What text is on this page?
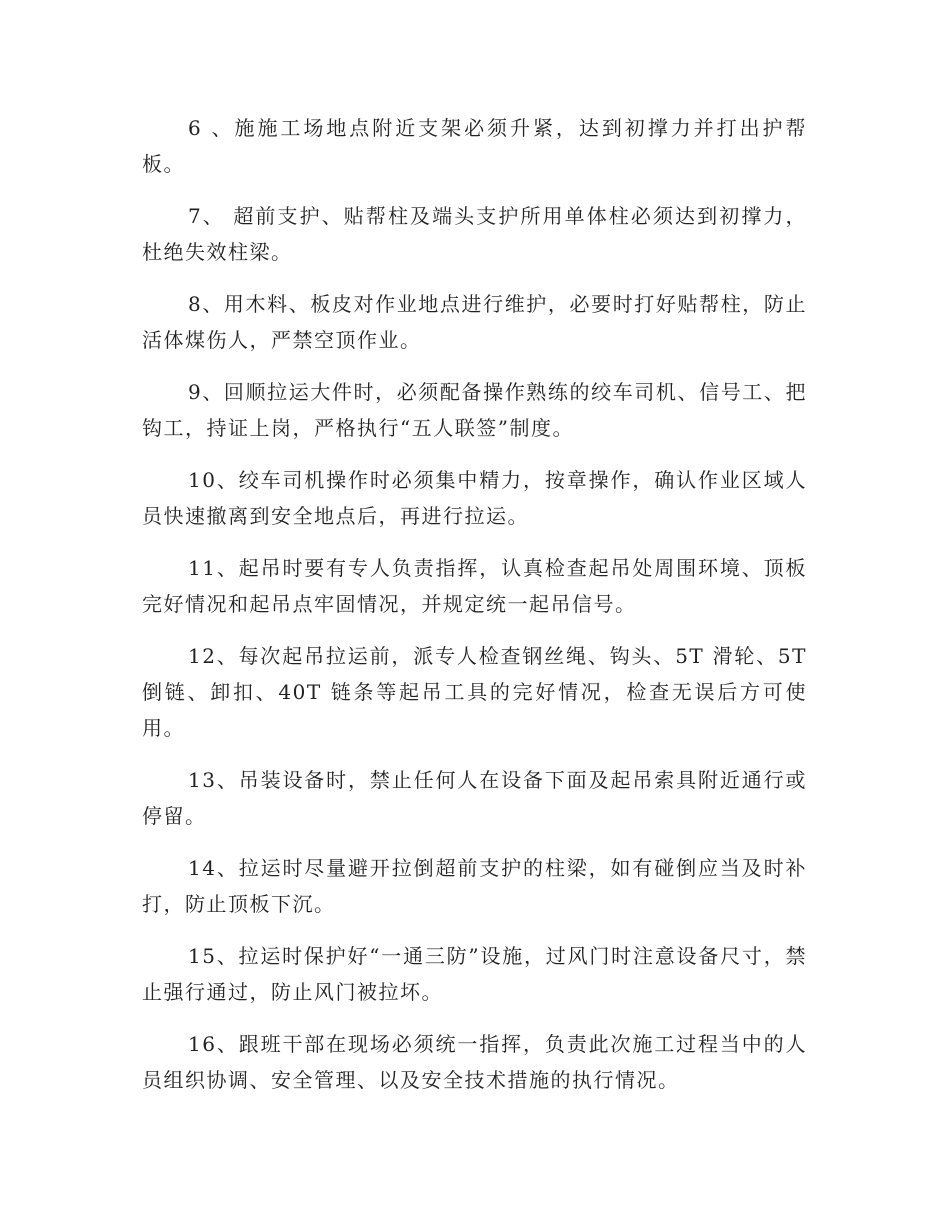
6 、施施工场地点附近支架必须升紧，达到初撑力并打出护帮板。

7、 超前支护、贴帮柱及端头支护所用单体柱必须达到初撑力，杜绝失效柱梁。

8、用木料、板皮对作业地点进行维护，必要时打好贴帮柱，防止活体煤伤人，严禁空顶作业。

9、回顺拉运大件时，必须配备操作熟练的绞车司机、信号工、把钩工，持证上岗，严格执行“五人联签”制度。

10、绞车司机操作时必须集中精力，按章操作，确认作业区域人员快速撤离到安全地点后，再进行拉运。

11、起吊时要有专人负责指挥，认真检查起吊处周围环境、顶板完好情况和起吊点牢固情况，并规定统一起吊信号。

12、每次起吊拉运前，派专人检查钢丝绳、钩头、5T 滑轮、5T 倒链、卸扣、40T 链条等起吊工具的完好情况，检查无误后方可使用。

13、吊装设备时，禁止任何人在设备下面及起吊索具附近通行或停留。

14、拉运时尽量避开拉倒超前支护的柱梁，如有碰倒应当及时补打，防止顶板下沉。

15、拉运时保护好“一通三防”设施，过风门时注意设备尺寸，禁止强行通过，防止风门被拉坏。

16、跟班干部在现场必须统一指挥，负责此次施工过程当中的人员组织协调、安全管理、以及安全技术措施的执行情况。
